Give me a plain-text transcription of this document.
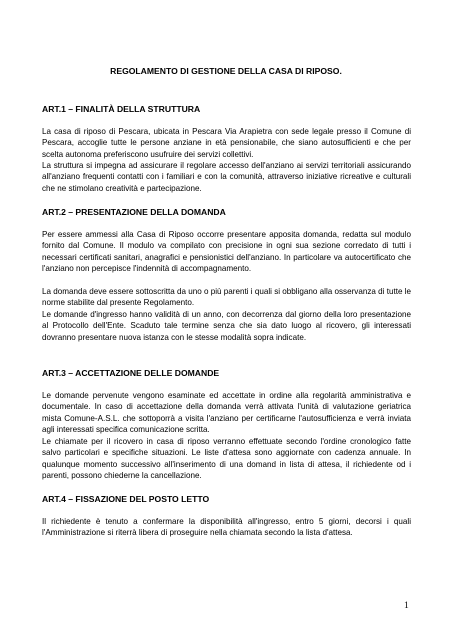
REGOLAMENTO DI GESTIONE DELLA CASA DI RIPOSO.
ART.1 – FINALITÀ DELLA STRUTTURA
La casa di riposo di Pescara, ubicata in Pescara Via Arapietra con sede legale presso il Comune di Pescara, accoglie tutte le persone anziane in età pensionabile, che siano autosufficienti e che per scelta autonoma preferiscono usufruire dei servizi collettivi.
La struttura si impegna ad assicurare il regolare accesso dell'anziano ai servizi territoriali assicurando all'anziano frequenti contatti con i familiari e con la comunità, attraverso iniziative ricreative e culturali che ne stimolano creatività e partecipazione.
ART.2 – PRESENTAZIONE DELLA DOMANDA
Per essere ammessi alla Casa di Riposo occorre presentare apposita domanda, redatta sul modulo fornito dal Comune. Il modulo va compilato con precisione in ogni sua sezione corredato di tutti i necessari certificati sanitari, anagrafici e pensionistici dell'anziano. In particolare va autocertificato che l'anziano non percepisce l'indennità di accompagnamento.
La domanda deve essere sottoscritta da uno o più parenti i quali si obbligano alla osservanza di tutte le norme stabilite dal presente Regolamento.
Le domande d'ingresso hanno validità di un anno, con decorrenza dal giorno della loro presentazione al Protocollo dell'Ente. Scaduto tale termine senza che sia dato luogo al ricovero, gli interessati dovranno presentare nuova istanza con le stesse modalità sopra indicate.
ART.3 – ACCETTAZIONE DELLE DOMANDE
Le domande pervenute vengono esaminate ed accettate in ordine alla regolarità amministrativa e documentale. In caso di accettazione della domanda verrà attivata l'unità di valutazione geriatrica mista Comune-A.S.L. che sottoporrà a visita l'anziano per certificarne l'autosufficienza e verrà inviata agli interessati specifica comunicazione scritta.
Le chiamate per il ricovero in casa di riposo verranno effettuate secondo l'ordine cronologico fatte salvo particolari e specifiche situazioni. Le liste d'attesa sono aggiornate con cadenza annuale. In qualunque momento successivo all'inserimento di una domand in lista di attesa, il richiedente od i parenti, possono chiederne la cancellazione.
ART.4 – FISSAZIONE DEL POSTO LETTO
Il richiedente è tenuto a confermare la disponibilità all'ingresso, entro 5 giorni, decorsi i quali l'Amministrazione si riterrà libera di proseguire nella chiamata secondo la lista d'attesa.
1
